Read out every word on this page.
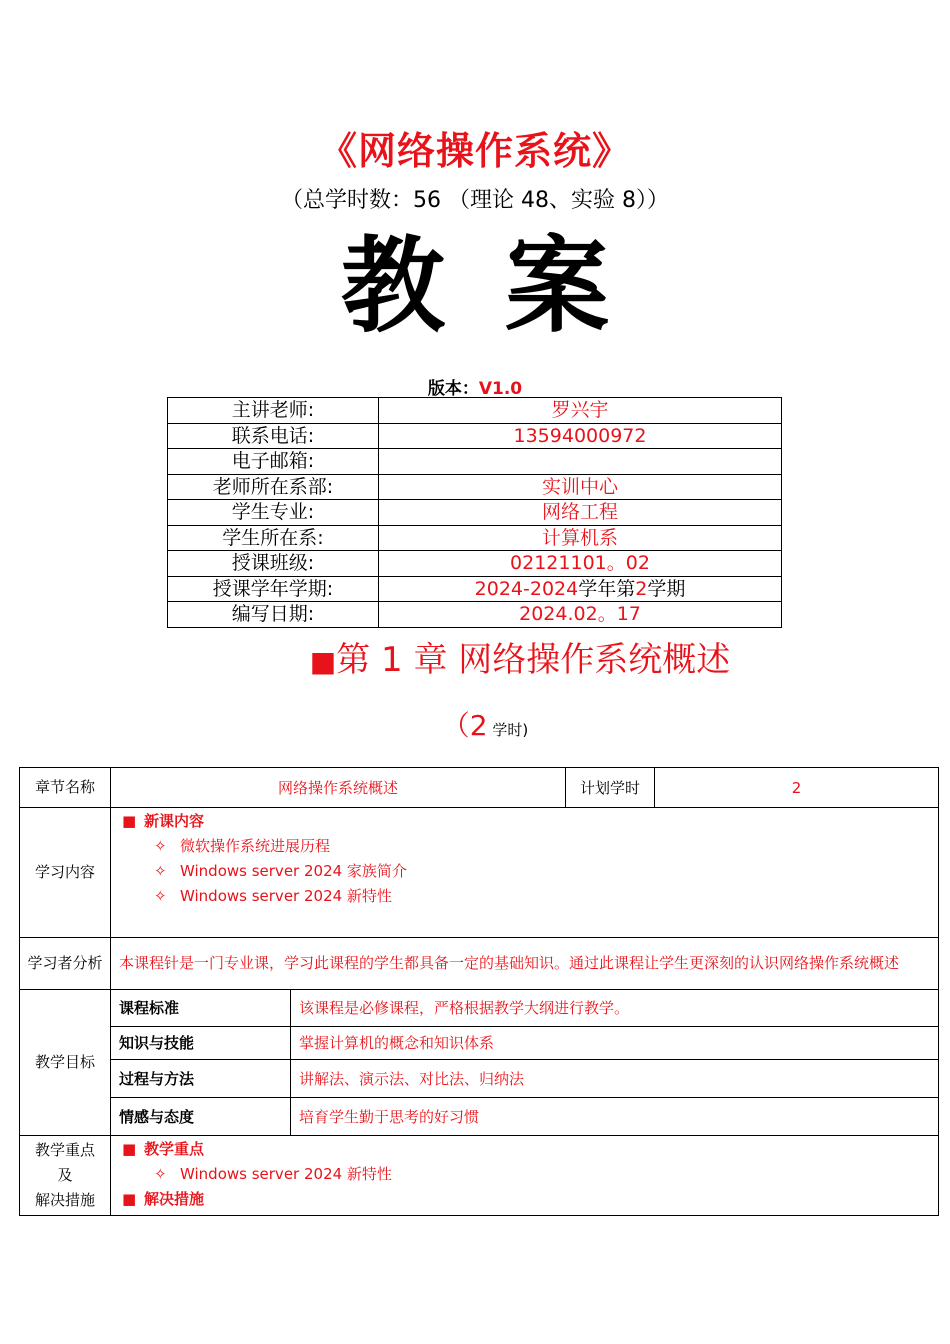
《网络操作系统》
（总学时数：56 （理论 48、实验 8））
教案
版本：V1.0
主讲老师:	罗兴宇
联系电话:	13594000972
电子邮箱:	
老师所在系部:	实训中心
学生专业:	网络工程
学生所在系:	计算机系
授课班级:	02121101。02
授课学年学期:	2024-2024学年第2学期
编写日期:	2024.02。17
■第 1 章 网络操作系统概述
（2 学时)
章节名称	网络操作系统概述	计划学时	2
学习内容	
■ 新课内容
✧ 微软操作系统进展历程
✧ Windows server 2024 家族简介
✧ Windows server 2024 新特性

学习者分析	本课程针是一门专业课，学习此课程的学生都具备一定的基础知识。通过此课程让学生更深刻的认识网络操作系统概述
教学目标	
课程标准	该课程是必修课程，严格根据教学大纲进行教学。
知识与技能	掌握计算机的概念和知识体系
过程与方法	讲解法、演示法、对比法、归纳法
情感与态度	培育学生勤于思考的好习惯

教学重点
及
解决措施

■ 教学重点
✧ Windows server 2024 新特性
■ 解决措施
